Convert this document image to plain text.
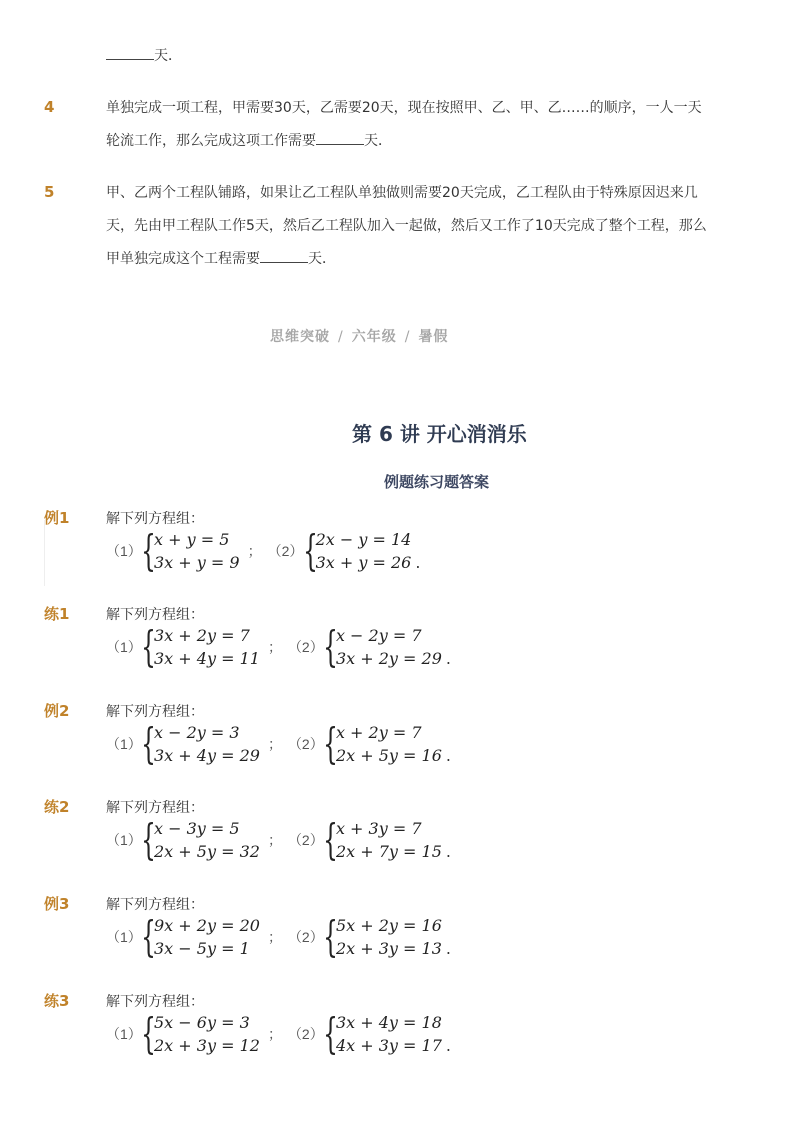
天．
4	单独完成一项工程，甲需要30天，乙需要20天，现在按照甲、乙、甲、乙……的顺序，一人一天
轮流工作，那么完成这项工作需要	天．
5	甲、乙两个工程队铺路，如果让乙工程队单独做则需要20天完成，乙工程队由于特殊原因迟来几
天，先由甲工程队工作5天，然后乙工程队加入一起做，然后又工作了10天完成了整个工程，那么
甲单独完成这个工程需要	天．
思维突破 / 六年级 / 暑假
第 6 讲 开心消消乐
例题练习题答案
例1	解下列方程组：
（1） {
x + y = 5
3x + y = 9
； （2） {
2x − y = 14
3x + y = 26 .
练1	解下列方程组：
（1） {
3x + 2y = 7
3x + 4y = 11
； （2） {
x − 2y = 7
3x + 2y = 29 .
例2	解下列方程组：
（1） {
x − 2y = 3
3x + 4y = 29
； （2） {
x + 2y = 7
2x + 5y = 16 .
练2	解下列方程组：
（1） {
x − 3y = 5
2x + 5y = 32
； （2） {
x + 3y = 7
2x + 7y = 15 .
例3	解下列方程组：
（1） {
9x + 2y = 20
3x − 5y = 1
； （2） {
5x + 2y = 16
2x + 3y = 13 .
练3	解下列方程组：
（1） {
5x − 6y = 3
2x + 3y = 12
； （2） {
3x + 4y = 18
4x + 3y = 17 .
